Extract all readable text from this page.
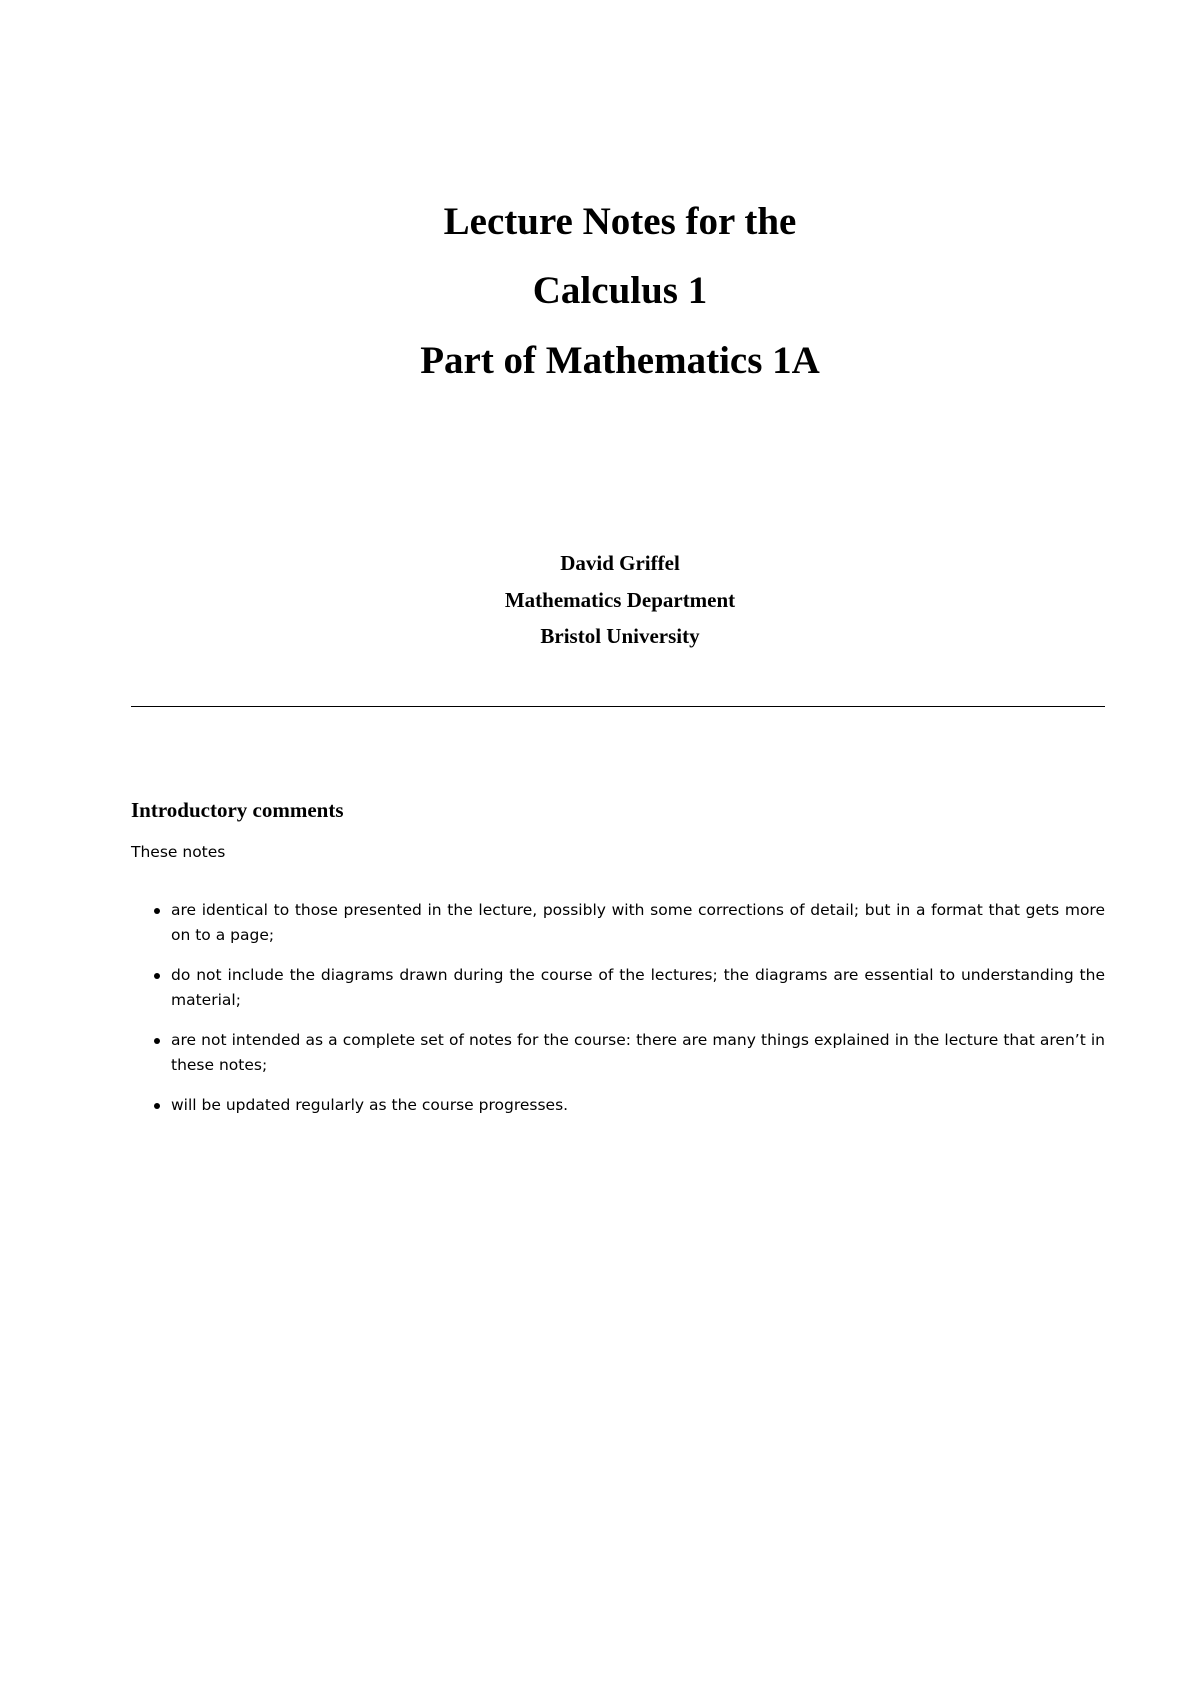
Lecture Notes for the
Calculus 1
Part of Mathematics 1A

David Griffel

Mathematics Department

Bristol University

Introductory comments

These notes

are identical to those presented in the lecture, possibly with some corrections of detail; but in a format that gets more on to a page;
do not include the diagrams drawn during the course of the lectures; the diagrams are essential to understanding the material;
are not intended as a complete set of notes for the course: there are many things explained in the lecture that aren’t in these notes;
will be updated regularly as the course progresses.
